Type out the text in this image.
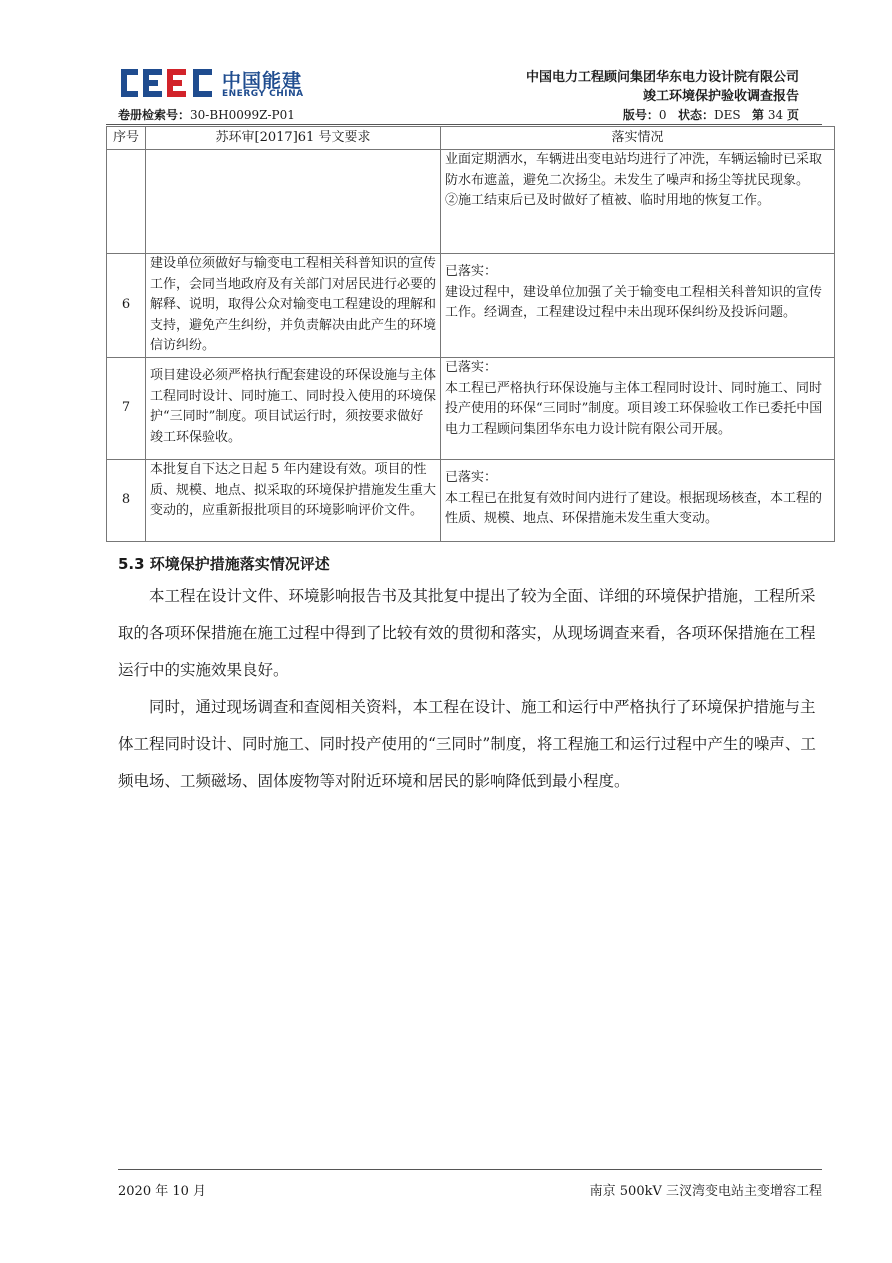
中国能建
ENERGY CHINA
中国电力工程顾问集团华东电力设计院有限公司
竣工环境保护验收调查报告
卷册检索号：30-BH0099Z-P01	版号：0 状态：DES 第 34 页
序号	苏环审[2017]61 号文要求	落实情况

		业面定期洒水，车辆进出变电站均进行了冲洗，车辆运输时已采取防水布遮盖，避免二次扬尘。未发生了噪声和扬尘等扰民现象。
②施工结束后已及时做好了植被、临时用地的恢复工作。

6	建设单位须做好与输变电工程相关科普知识的宣传工作，会同当地政府及有关部门对居民进行必要的解释、说明，取得公众对输变电工程建设的理解和支持，避免产生纠纷，并负责解决由此产生的环境信访纠纷。	已落实：
建设过程中，建设单位加强了关于输变电工程相关科普知识的宣传工作。经调查，工程建设过程中未出现环保纠纷及投诉问题。

7	项目建设必须严格执行配套建设的环保设施与主体工程同时设计、同时施工、同时投入使用的环境保护“三同时”制度。项目试运行时，须按要求做好竣工环保验收。	已落实：
本工程已严格执行环保设施与主体工程同时设计、同时施工、同时投产使用的环保“三同时”制度。项目竣工环保验收工作已委托中国电力工程顾问集团华东电力设计院有限公司开展。

8	本批复自下达之日起 5 年内建设有效。项目的性质、规模、地点、拟采取的环境保护措施发生重大变动的，应重新报批项目的环境影响评价文件。	已落实：
本工程已在批复有效时间内进行了建设。根据现场核查，本工程的性质、规模、地点、环保措施未发生重大变动。
5.3 环境保护措施落实情况评述

本工程在设计文件、环境影响报告书及其批复中提出了较为全面、详细的环境保护措施，工程所采取的各项环保措施在施工过程中得到了比较有效的贯彻和落实，从现场调查来看，各项环保措施在工程运行中的实施效果良好。

同时，通过现场调查和查阅相关资料，本工程在设计、施工和运行中严格执行了环境保护措施与主体工程同时设计、同时施工、同时投产使用的“三同时”制度，将工程施工和运行过程中产生的噪声、工频电场、工频磁场、固体废物等对附近环境和居民的影响降低到最小程度。

2020 年 10 月	南京 500kV 三汊湾变电站主变增容工程
